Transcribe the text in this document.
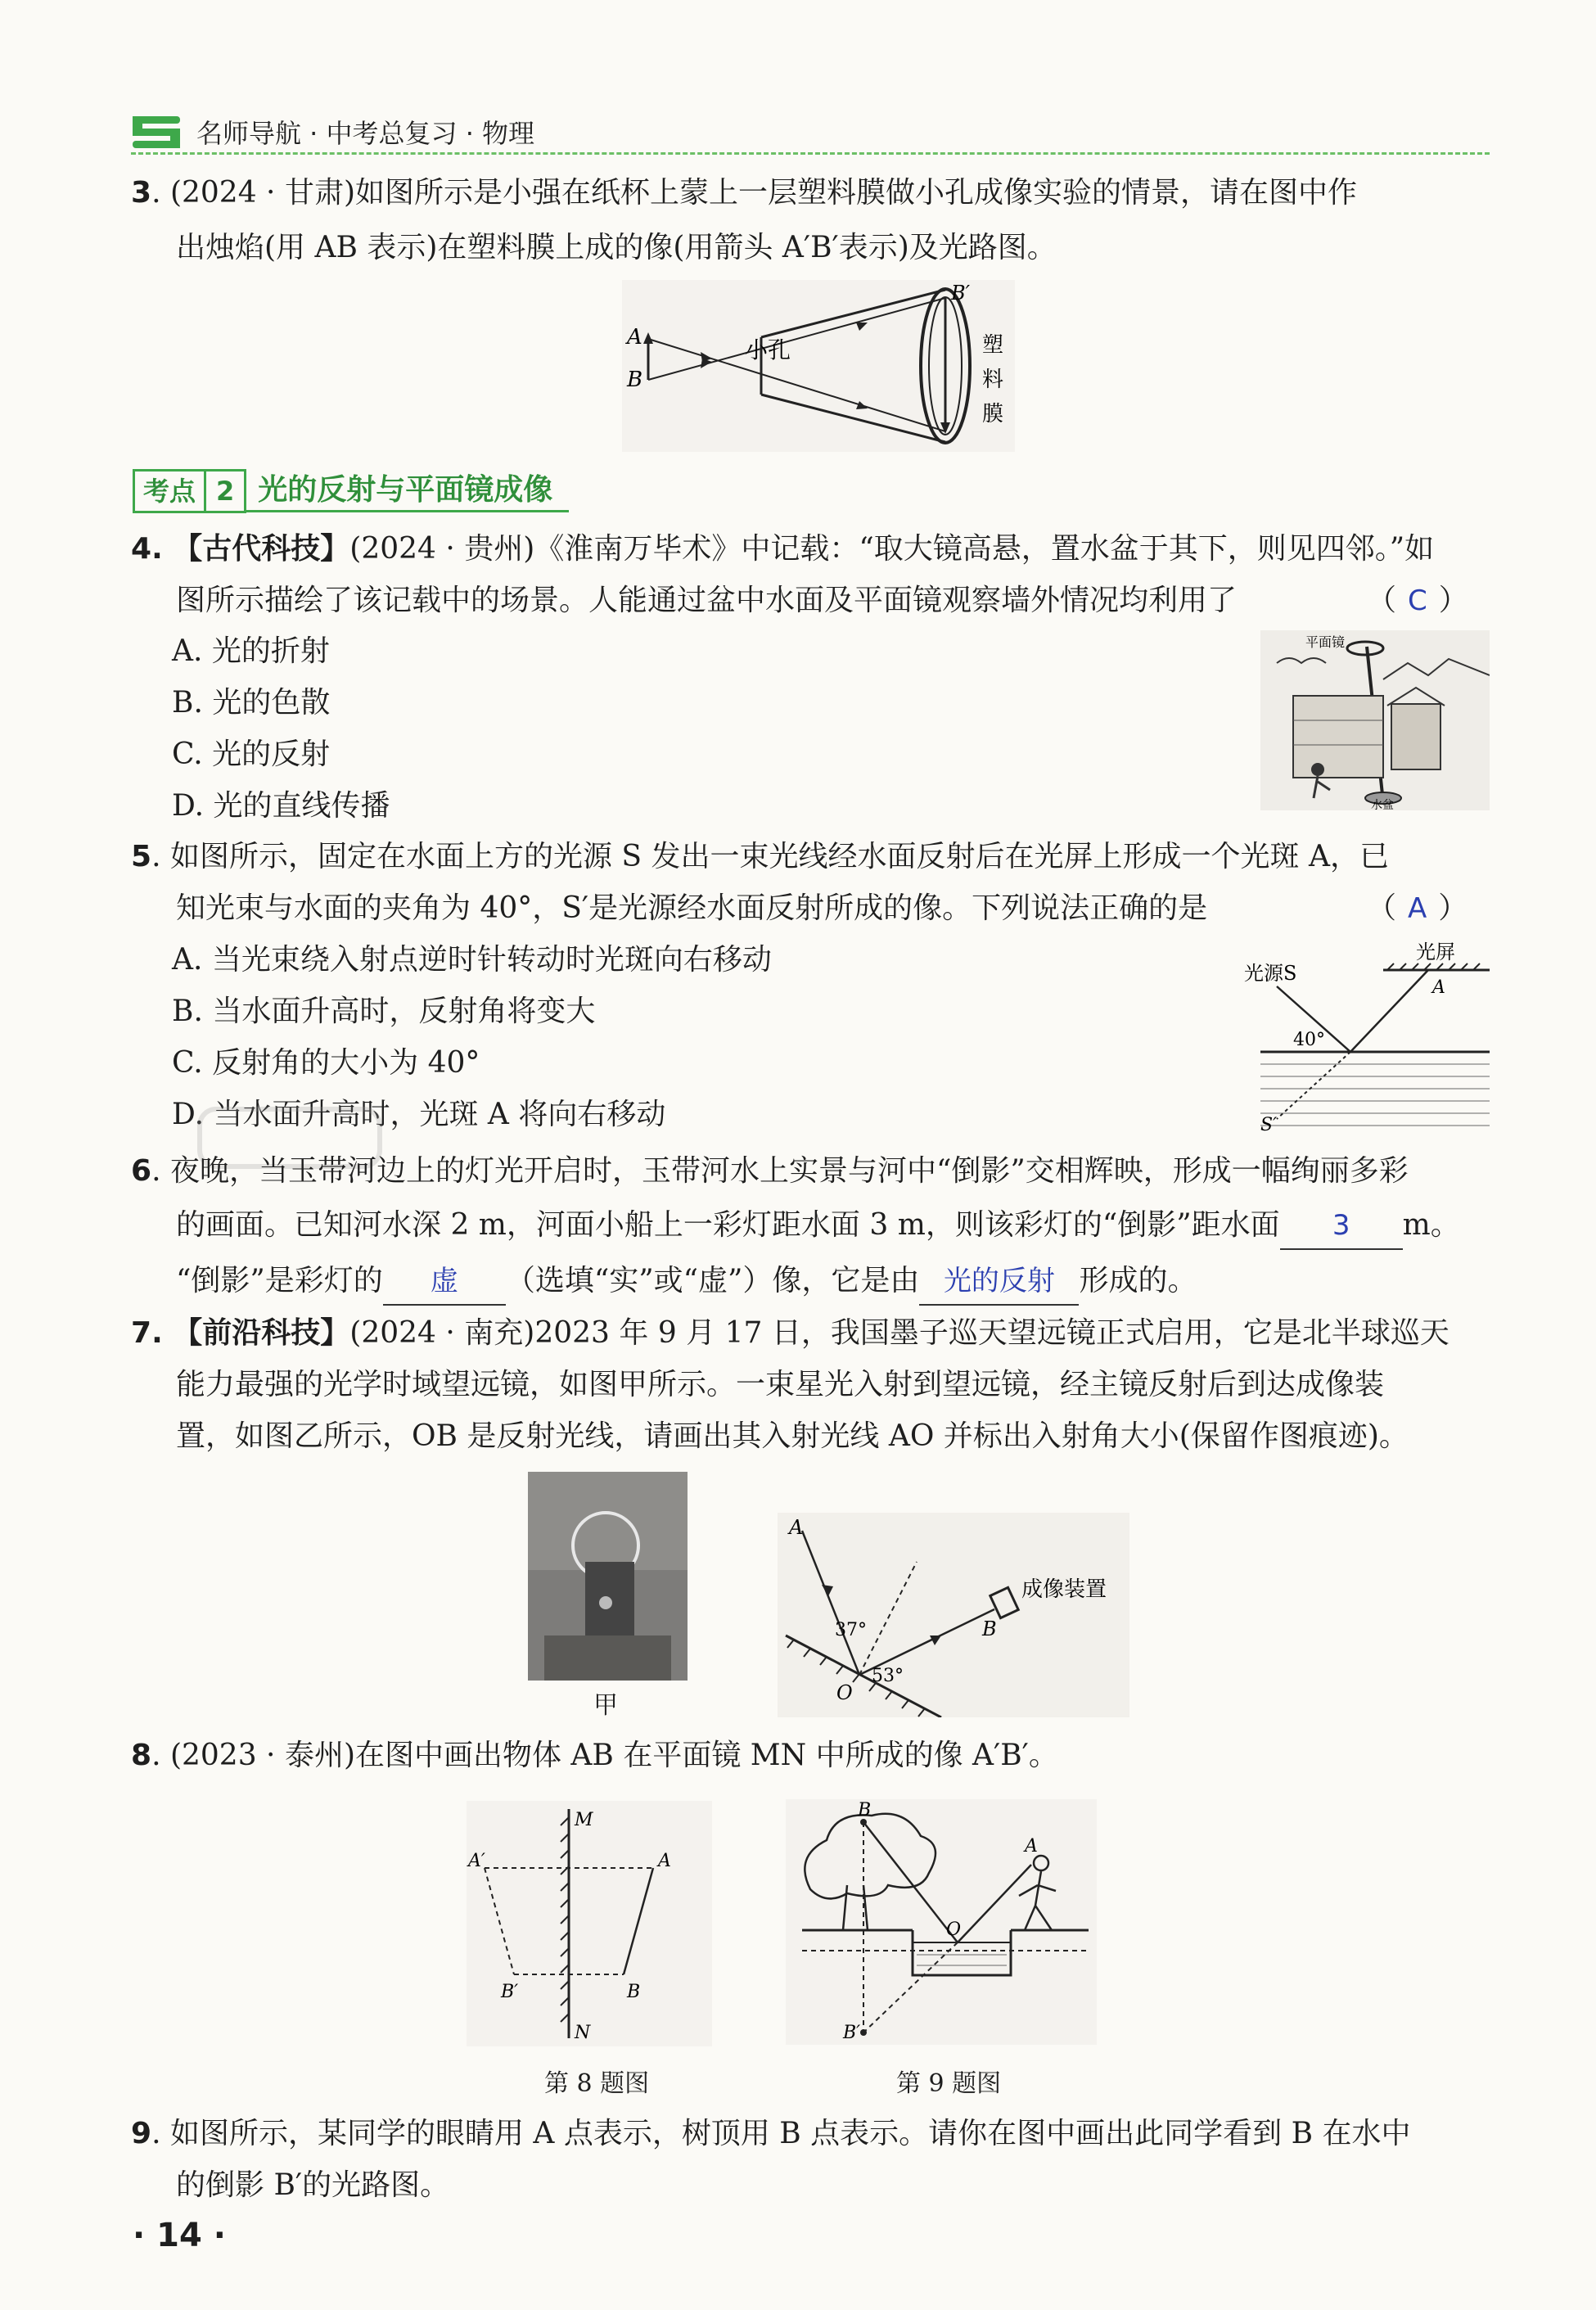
名师导航 · 中考总复习 · 物理
3. (2024 · 甘肃)如图所示是小强在纸杯上蒙上一层塑料膜做小孔成像实验的情景，请在图中作
出烛焰(用 AB 表示)在塑料膜上成的像(用箭头 A′B′表示)及光路图。
A
B
B′
小孔	塑
料
膜
考点 2 光的反射与平面镜成像
4. 【古代科技】(2024 · 贵州)《淮南万毕术》中记载：“取大镜高悬，置水盆于其下，则见四邻。”如
图所示描绘了该记载中的场景。人能通过盆中水面及平面镜观察墙外情况均利用了	（ C ）
A. 光的折射
B. 光的色散
C. 光的反射
D. 光的直线传播
平面镜
水盆
5. 如图所示，固定在水面上方的光源 S 发出一束光线经水面反射后在光屏上形成一个光斑 A，已
知光束与水面的夹角为 40°，S′是光源经水面反射所成的像。下列说法正确的是	（ A ）
A. 当光束绕入射点逆时针转动时光斑向右移动
B. 当水面升高时，反射角将变大
C. 反射角的大小为 40°
D. 当水面升高时，光斑 A 将向右移动
光源S
光屏
A
40°
S′
6. 夜晚，当玉带河边上的灯光开启时，玉带河水上实景与河中“倒影”交相辉映，形成一幅绚丽多彩
的画面。已知河水深 2 m，河面小船上一彩灯距水面 3 m，则该彩灯的“倒影”距水面 3 m。
“倒影”是彩灯的 虚 （选填“实”或“虚”）像，它是由 光的反射 形成的。
7. 【前沿科技】(2024 · 南充)2023 年 9 月 17 日，我国墨子巡天望远镜正式启用，它是北半球巡天
能力最强的光学时域望远镜，如图甲所示。一束星光入射到望远镜，经主镜反射后到达成像装
置，如图乙所示，OB 是反射光线，请画出其入射光线 AO 并标出入射角大小(保留作图痕迹)。
甲
A
B
O
37°
53°
成像装置
8. (2023 · 泰州)在图中画出物体 AB 在平面镜 MN 中所成的像 A′B′。
M
N
A
B
A′
B′
第 8 题图
B
A
O
B′
第 9 题图
9. 如图所示，某同学的眼睛用 A 点表示，树顶用 B 点表示。请你在图中画出此同学看到 B 在水中
的倒影 B′的光路图。
· 14 ·
